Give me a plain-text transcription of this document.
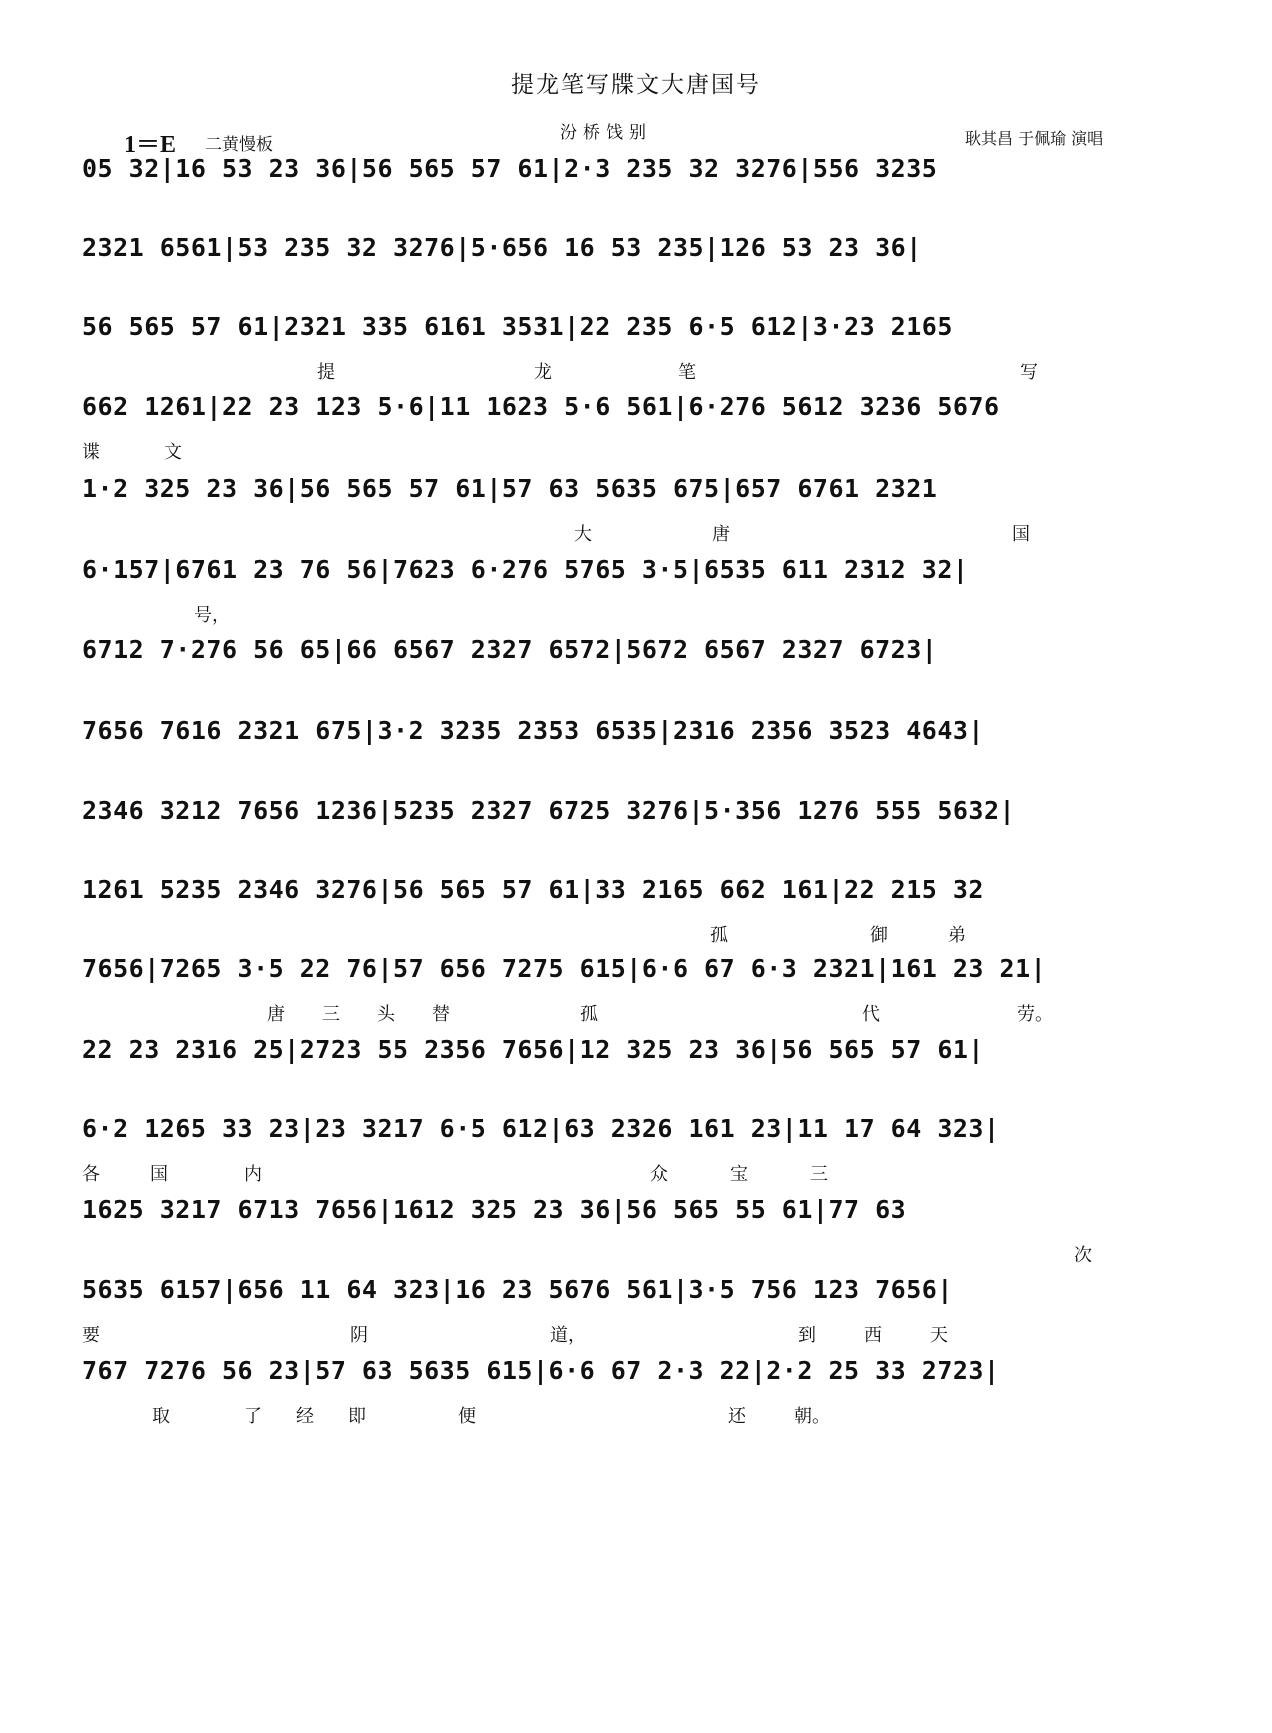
提龙笔写牒文大唐国号
1＝E 二黄慢板
汾桥饯别	耿其昌 于佩瑜 演唱
05 32|16 53 23 36|56 565 57 61|2·3 235 32 3276|556 3235
2321 6561|53 235 32 3276|5·656 16 53 235|126 53 23 36|
56 565 57 61|2321 335 6161 3531|22 235 6·5 612|3·23 2165
提	龙	笔	写
662 1261|22 23 123 5·6|11 1623 5·6 561|6·276 5612 3236 5676
谍	文
1·2 325 23 36|56 565 57 61|57 63 5635 675|657 6761 2321
大	唐	国
6·157|6761 23 76 56|7623 6·276 5765 3·5|6535 611 2312 32|
号，
6712 7·276 56 65|66 6567 2327 6572|5672 6567 2327 6723|
7656 7616 2321 675|3·2 3235 2353 6535|2316 2356 3523 4643|
2346 3212 7656 1236|5235 2327 6725 3276|5·356 1276 555 5632|
1261 5235 2346 3276|56 565 57 61|33 2165 662 161|22 215 32
孤	御	弟
7656|7265 3·5 22 76|57 656 7275 615|6·6 67 6·3 2321|161 23 21|
唐 三 头 替	孤	代	劳。
22 23 2316 25|2723 55 2356 7656|12 325 23 36|56 565 57 61|
6·2 1265 33 23|23 3217 6·5 612|63 2326 161 23|11 17 64 323|
各	国	内	众	宝	三
1625 3217 6713 7656|1612 325 23 36|56 565 55 61|77 63
次
5635 6157|656 11 64 323|16 23 5676 561|3·5 756 123 7656|
要	阴	道，	到	西	天
767 7276 56 23|57 63 5635 615|6·6 67 2·3 22|2·2 25 33 2723|
取	了 经 即	便	还	朝。
